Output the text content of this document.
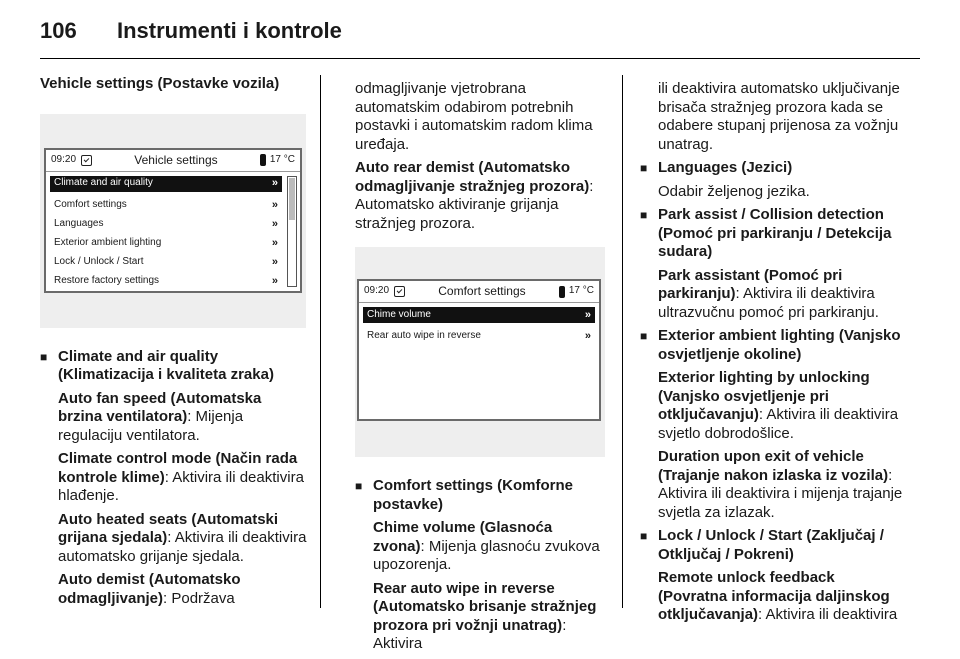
106	Instrumenti i kontrole
Vehicle settings (Postavke vozila)
09:20	Vehicle settings	17 °C
Climate and air quality	»
Comfort settings	»
Languages	»
Exterior ambient lighting	»
Lock / Unlock / Start	»
Restore factory settings	»
■ Climate and air quality (Klimatizacija i kvaliteta zraka)
Auto fan speed (Automatska brzina ventilatora): Mijenja regulaciju ventilatora.
Climate control mode (Način rada kontrole klime): Aktivira ili deaktivira hlađenje.
Auto heated seats (Automatski grijana sjedala): Aktivira ili deaktivira automatsko grijanje sjedala.
Auto demist (Automatsko odmagljivanje): Podržava
odmagljivanje vjetrobrana automatskim odabirom potrebnih postavki i automatskim radom klima uređaja.
Auto rear demist (Automatsko odmagljivanje stražnjeg prozora): Automatsko aktiviranje grijanja stražnjeg prozora.
09:20	Comfort settings	17 °C
Chime volume	»
Rear auto wipe in reverse	»
■ Comfort settings (Komforne postavke)
Chime volume (Glasnoća zvona): Mijenja glasnoću zvukova upozorenja.
Rear auto wipe in reverse (Automatsko brisanje stražnjeg prozora pri vožnji unatrag): Aktivira
ili deaktivira automatsko uključivanje brisača stražnjeg prozora kada se odabere stupanj prijenosa za vožnju unatrag.
■ Languages (Jezici)
Odabir željenog jezika.
■ Park assist / Collision detection (Pomoć pri parkiranju / Detekcija sudara)
Park assistant (Pomoć pri parkiranju): Aktivira ili deaktivira ultrazvučnu pomoć pri parkiranju.
■ Exterior ambient lighting (Vanjsko osvjetljenje okoline)
Exterior lighting by unlocking (Vanjsko osvjetljenje pri otključavanju): Aktivira ili deaktivira svjetlo dobrodošlice.
Duration upon exit of vehicle (Trajanje nakon izlaska iz vozila): Aktivira ili deaktivira i mijenja trajanje svjetla za izlazak.
■ Lock / Unlock / Start (Zaključaj / Otključaj / Pokreni)
Remote unlock feedback (Povratna informacija daljinskog otključavanja): Aktivira ili deaktivira
